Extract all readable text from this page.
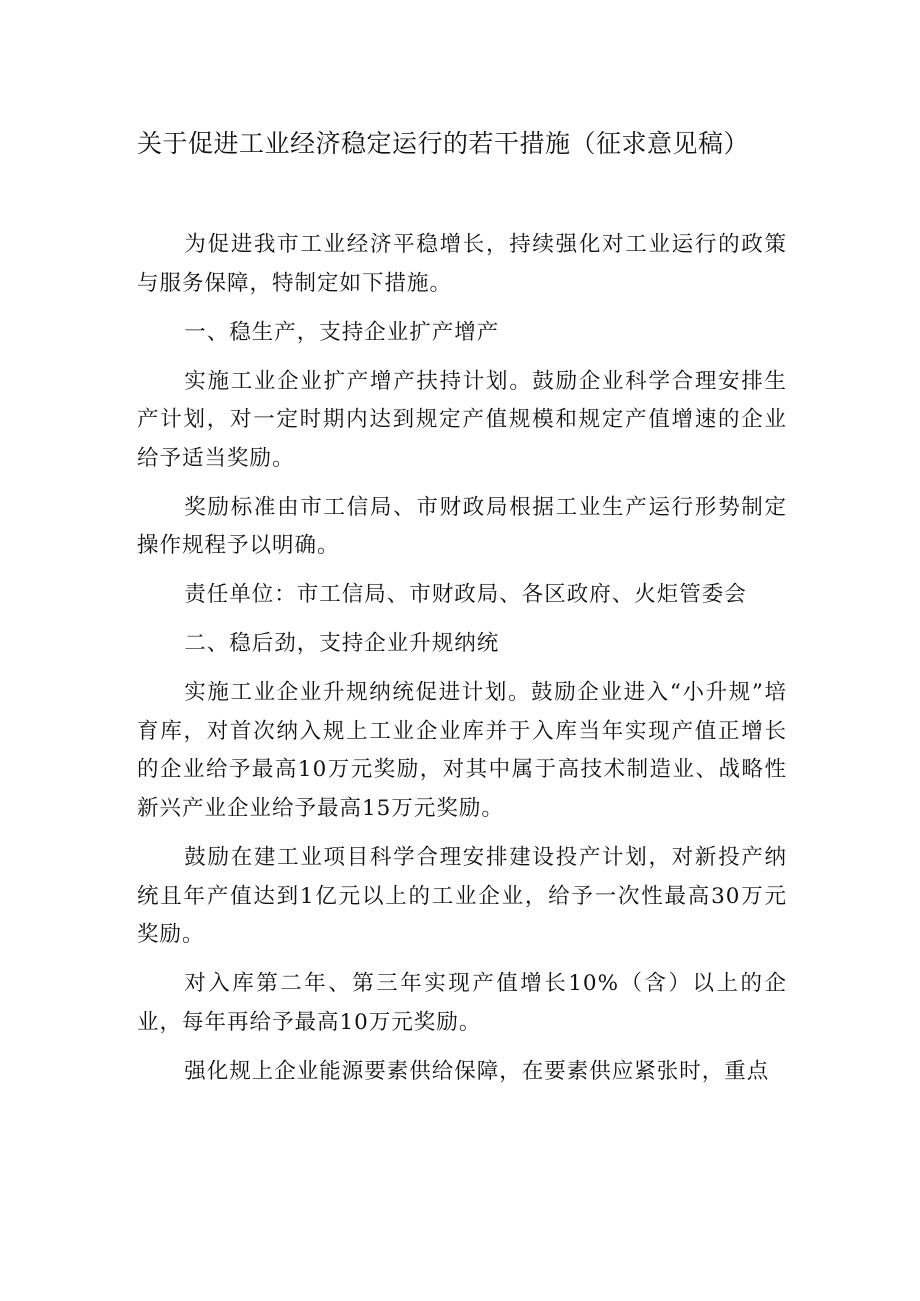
关于促进工业经济稳定运行的若干措施（征求意见稿）

为促进我市工业经济平稳增长，持续强化对工业运行的政策与服务保障，特制定如下措施。

一、稳生产，支持企业扩产增产

实施工业企业扩产增产扶持计划。鼓励企业科学合理安排生产计划，对一定时期内达到规定产值规模和规定产值增速的企业给予适当奖励。

奖励标准由市工信局、市财政局根据工业生产运行形势制定操作规程予以明确。

责任单位：市工信局、市财政局、各区政府、火炬管委会

二、稳后劲，支持企业升规纳统

实施工业企业升规纳统促进计划。鼓励企业进入“小升规”培育库，对首次纳入规上工业企业库并于入库当年实现产值正增长的企业给予最高10万元奖励，对其中属于高技术制造业、战略性新兴产业企业给予最高15万元奖励。

鼓励在建工业项目科学合理安排建设投产计划，对新投产纳统且年产值达到1亿元以上的工业企业，给予一次性最高30万元奖励。

对入库第二年、第三年实现产值增长10%（含）以上的企业，每年再给予最高10万元奖励。

强化规上企业能源要素供给保障，在要素供应紧张时，重点
